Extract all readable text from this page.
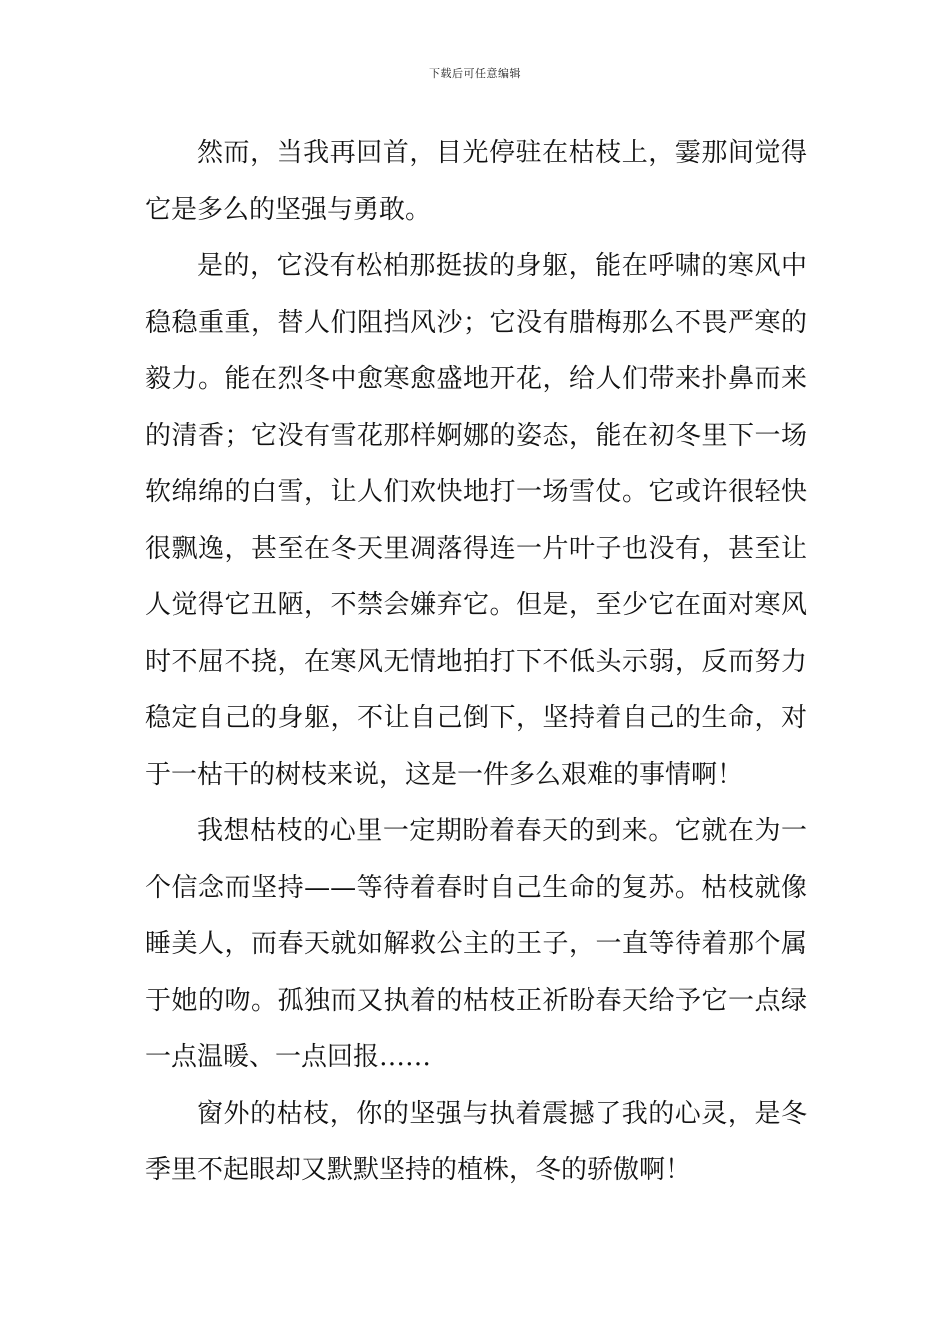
下载后可任意编辑
然而，当我再回首，目光停驻在枯枝上，霎那间觉得
它是多么的坚强与勇敢。
是的，它没有松柏那挺拔的身躯，能在呼啸的寒风中
稳稳重重，替人们阻挡风沙；它没有腊梅那么不畏严寒的
毅力。能在烈冬中愈寒愈盛地开花，给人们带来扑鼻而来
的清香；它没有雪花那样婀娜的姿态，能在初冬里下一场
软绵绵的白雪，让人们欢快地打一场雪仗。它或许很轻快
很飘逸，甚至在冬天里凋落得连一片叶子也没有，甚至让
人觉得它丑陋，不禁会嫌弃它。但是，至少它在面对寒风
时不屈不挠，在寒风无情地拍打下不低头示弱，反而努力
稳定自己的身躯，不让自己倒下，坚持着自己的生命，对
于一枯干的树枝来说，这是一件多么艰难的事情啊！
我想枯枝的心里一定期盼着春天的到来。它就在为一
个信念而坚持——等待着春时自己生命的复苏。枯枝就像
睡美人，而春天就如解救公主的王子，一直等待着那个属
于她的吻。孤独而又执着的枯枝正祈盼春天给予它一点绿
一点温暖、一点回报……
窗外的枯枝，你的坚强与执着震撼了我的心灵，是冬
季里不起眼却又默默坚持的植株，冬的骄傲啊！
